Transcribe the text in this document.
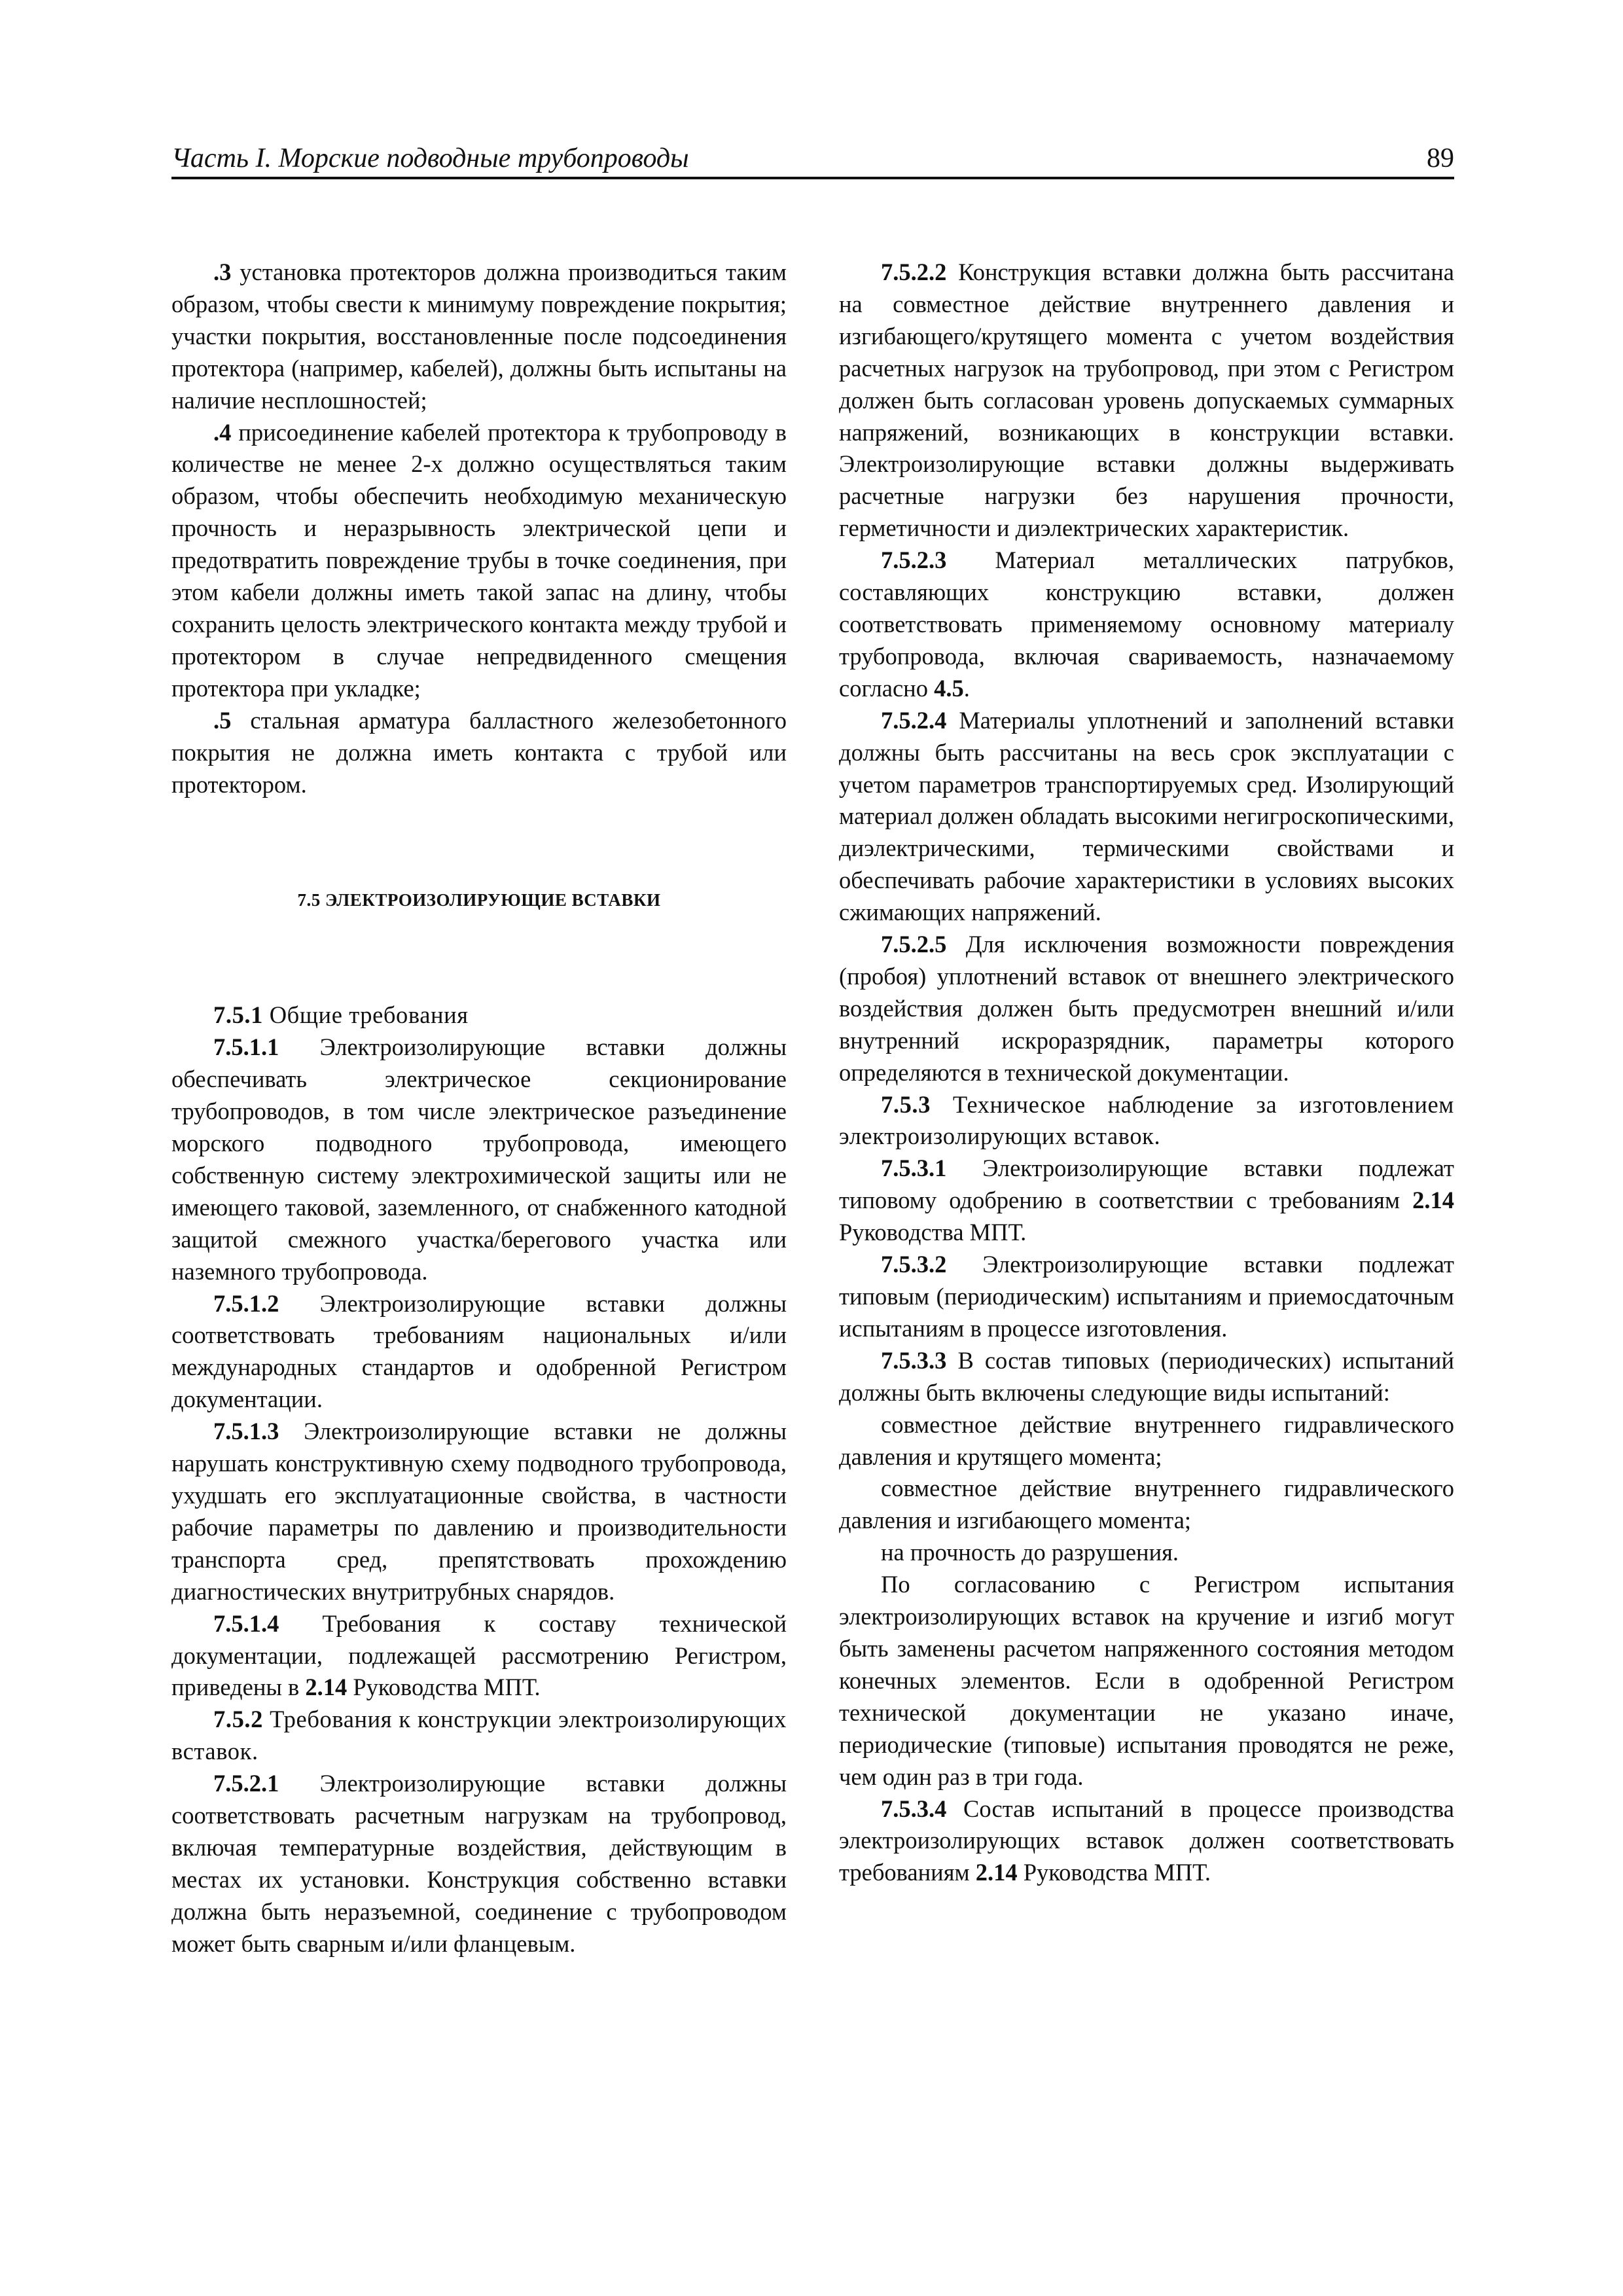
Часть I. Морские подводные трубопроводы	89

.3 установка протекторов должна производиться таким образом, чтобы свести к минимуму повреждение покрытия; участки покрытия, восстановленные после подсоединения протектора (например, кабелей), должны быть испытаны на наличие несплошностей;

.4 присоединение кабелей протектора к трубопроводу в количестве не менее 2-х должно осуществляться таким образом, чтобы обеспечить необходимую механическую прочность и неразрывность электрической цепи и предотвратить повреждение трубы в точке соединения, при этом кабели должны иметь такой запас на длину, чтобы сохранить целость электрического контакта между трубой и протектором в случае непредвиденного смещения протектора при укладке;

.5 стальная арматура балластного железобетонного покрытия не должна иметь контакта с трубой или протектором.

7.5 ЭЛЕКТРОИЗОЛИРУЮЩИЕ ВСТАВКИ

7.5.1 Общие требования

7.5.1.1 Электроизолирующие вставки должны обеспечивать электрическое секционирование трубопроводов, в том числе электрическое разъединение морского подводного трубопровода, имеющего собственную систему электрохимической защиты или не имеющего таковой, заземленного, от снабженного катодной защитой смежного участка/берегового участка или наземного трубопровода.

7.5.1.2 Электроизолирующие вставки должны соответствовать требованиям национальных и/или международных стандартов и одобренной Регистром документации.

7.5.1.3 Электроизолирующие вставки не должны нарушать конструктивную схему подводного трубопровода, ухудшать его эксплуатационные свойства, в частности рабочие параметры по давлению и производительности транспорта сред, препятствовать прохождению диагностических внутритрубных снарядов.

7.5.1.4 Требования к составу технической документации, подлежащей рассмотрению Регистром, приведены в 2.14 Руководства МПТ.

7.5.2 Требования к конструкции электроизолирующих вставок.

7.5.2.1 Электроизолирующие вставки должны соответствовать расчетным нагрузкам на трубопровод, включая температурные воздействия, действующим в местах их установки. Конструкция собственно вставки должна быть неразъемной, соединение с трубопроводом может быть сварным и/или фланцевым.

7.5.2.2 Конструкция вставки должна быть рассчитана на совместное действие внутреннего давления и изгибающего/крутящего момента с учетом воздействия расчетных нагрузок на трубопровод, при этом с Регистром должен быть согласован уровень допускаемых суммарных напряжений, возникающих в конструкции вставки. Электроизолирующие вставки должны выдерживать расчетные нагрузки без нарушения прочности, герметичности и диэлектрических характеристик.

7.5.2.3 Материал металлических патрубков, составляющих конструкцию вставки, должен соответствовать применяемому основному материалу трубопровода, включая свариваемость, назначаемому согласно 4.5.

7.5.2.4 Материалы уплотнений и заполнений вставки должны быть рассчитаны на весь срок эксплуатации с учетом параметров транспортируемых сред. Изолирующий материал должен обладать высокими негигроскопическими, диэлектрическими, термическими свойствами и обеспечивать рабочие характеристики в условиях высоких сжимающих напряжений.

7.5.2.5 Для исключения возможности повреждения (пробоя) уплотнений вставок от внешнего электрического воздействия должен быть предусмотрен внешний и/или внутренний искроразрядник, параметры которого определяются в технической документации.

7.5.3 Техническое наблюдение за изготовлением электроизолирующих вставок.

7.5.3.1 Электроизолирующие вставки подлежат типовому одобрению в соответствии с требованиям 2.14 Руководства МПТ.

7.5.3.2 Электроизолирующие вставки подлежат типовым (периодическим) испытаниям и приемосдаточным испытаниям в процессе изготовления.

7.5.3.3 В состав типовых (периодических) испытаний должны быть включены следующие виды испытаний:

совместное действие внутреннего гидравлического давления и крутящего момента;

совместное действие внутреннего гидравлического давления и изгибающего момента;

на прочность до разрушения.

По согласованию с Регистром испытания электроизолирующих вставок на кручение и изгиб могут быть заменены расчетом напряженного состояния методом конечных элементов. Если в одобренной Регистром технической документации не указано иначе, периодические (типовые) испытания проводятся не реже, чем один раз в три года.

7.5.3.4 Состав испытаний в процессе производства электроизолирующих вставок должен соответствовать требованиям 2.14 Руководства МПТ.
